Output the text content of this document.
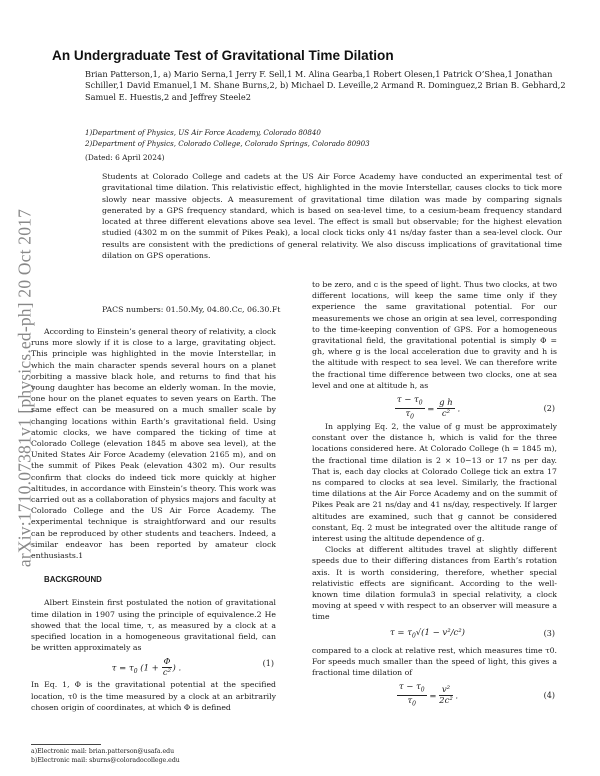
arXiv:1710.07381v1 [physics.ed-ph] 20 Oct 2017
An Undergraduate Test of Gravitational Time Dilation

Brian Patterson,1, a) Mario Serna,1 Jerry F. Sell,1 M. Alina Gearba,1 Robert Olesen,1 Patrick O’Shea,1 Jonathan Schiller,1 David Emanuel,1 M. Shane Burns,2, b) Michael D. Leveille,2 Armand R. Dominguez,2 Brian B. Gebhard,2 Samuel E. Huestis,2 and Jeffrey Steele2

1)Department of Physics, US Air Force Academy, Colorado 80840

2)Department of Physics, Colorado College, Colorado Springs, Colorado 80903

(Dated: 6 April 2024)

Students at Colorado College and cadets at the US Air Force Academy have conducted an experimental test of gravitational time dilation. This relativistic effect, highlighted in the movie Interstellar, causes clocks to tick more slowly near massive objects. A measurement of gravitational time dilation was made by comparing signals generated by a GPS frequency standard, which is based on sea-level time, to a cesium-beam frequency standard located at three different elevations above sea level. The effect is small but observable; for the highest elevation studied (4302 m on the summit of Pikes Peak), a local clock ticks only 41 ns/day faster than a sea-level clock. Our results are consistent with the predictions of general relativity. We also discuss implications of gravitational time dilation on GPS operations.

PACS numbers: 01.50.My, 04.80.Cc, 06.30.Ft

According to Einstein’s general theory of relativity, a clock runs more slowly if it is close to a large, gravitating object. This principle was highlighted in the movie Interstellar, in which the main character spends several hours on a planet orbiting a massive black hole, and returns to find that his young daughter has become an elderly woman. In the movie, one hour on the planet equates to seven years on Earth. The same effect can be measured on a much smaller scale by changing locations within Earth’s gravitational field. Using atomic clocks, we have compared the ticking of time at Colorado College (elevation 1845 m above sea level), at the United States Air Force Academy (elevation 2165 m), and on the summit of Pikes Peak (elevation 4302 m). Our results confirm that clocks do indeed tick more quickly at higher altitudes, in accordance with Einstein’s theory. This work was carried out as a collaboration of physics majors and faculty at Colorado College and the US Air Force Academy. The experimental technique is straightforward and our results can be reproduced by other students and teachers. Indeed, a similar endeavor has been reported by amateur clock enthusiasts.1

BACKGROUND

Albert Einstein first postulated the notion of gravitational time dilation in 1907 using the principle of equivalence.2 He showed that the local time, τ, as measured by a clock at a specified location in a homogeneous gravitational field, can be written approximately as

$\tau = \tau_0$ ($1 + \frac{\Phi}{\text{c²}}$ ) .	(1)

In Eq. 1, Φ is the gravitational potential at the specified location, τ0 is the time measured by a clock at an arbitrarily chosen origin of coordinates, at which Φ is defined

to be zero, and c is the speed of light. Thus two clocks, at two different locations, will keep the same time only if they experience the same gravitational potential. For our measurements we chose an origin at sea level, corresponding to the time-keeping convention of GPS. For a homogeneous gravitational field, the gravitational potential is simply Φ = gh, where g is the local acceleration due to gravity and h is the altitude with respect to sea level. We can therefore write the fractional time difference between two clocks, one at sea level and one at altitude h, as

$\frac{\tau - \tau_0}{\tau_0} = \frac{\text{g h}}{\text{c²}}$ .	(2)

In applying Eq. 2, the value of g must be approximately constant over the distance h, which is valid for the three locations considered here. At Colorado College (h = 1845 m), the fractional time dilation is 2 × 10−13 or 17 ns per day. That is, each day clocks at Colorado College tick an extra 17 ns compared to clocks at sea level. Similarly, the fractional time dilations at the Air Force Academy and on the summit of Pikes Peak are 21 ns/day and 41 ns/day, respectively. If larger altitudes are examined, such that g cannot be considered constant, Eq. 2 must be integrated over the altitude range of interest using the altitude dependence of g.

Clocks at different altitudes travel at slightly different speeds due to their differing distances from Earth’s rotation axis. It is worth considering, therefore, whether special relativistic effects are significant. According to the well-known time dilation formula3 in special relativity, a clock moving at speed v with respect to an observer will measure a time

$\tau = \tau_0√(1 - v^2/c^2)$	(3)

compared to a clock at relative rest, which measures time τ0. For speeds much smaller than the speed of light, this gives a fractional time dilation of

$\frac{\tau - \tau_0}{\tau_0} = \frac{\text{v²}}{\text{2c²}}$ .	(4)

a)Electronic mail: brian.patterson@usafa.edu

b)Electronic mail: sburns@coloradocollege.edu
